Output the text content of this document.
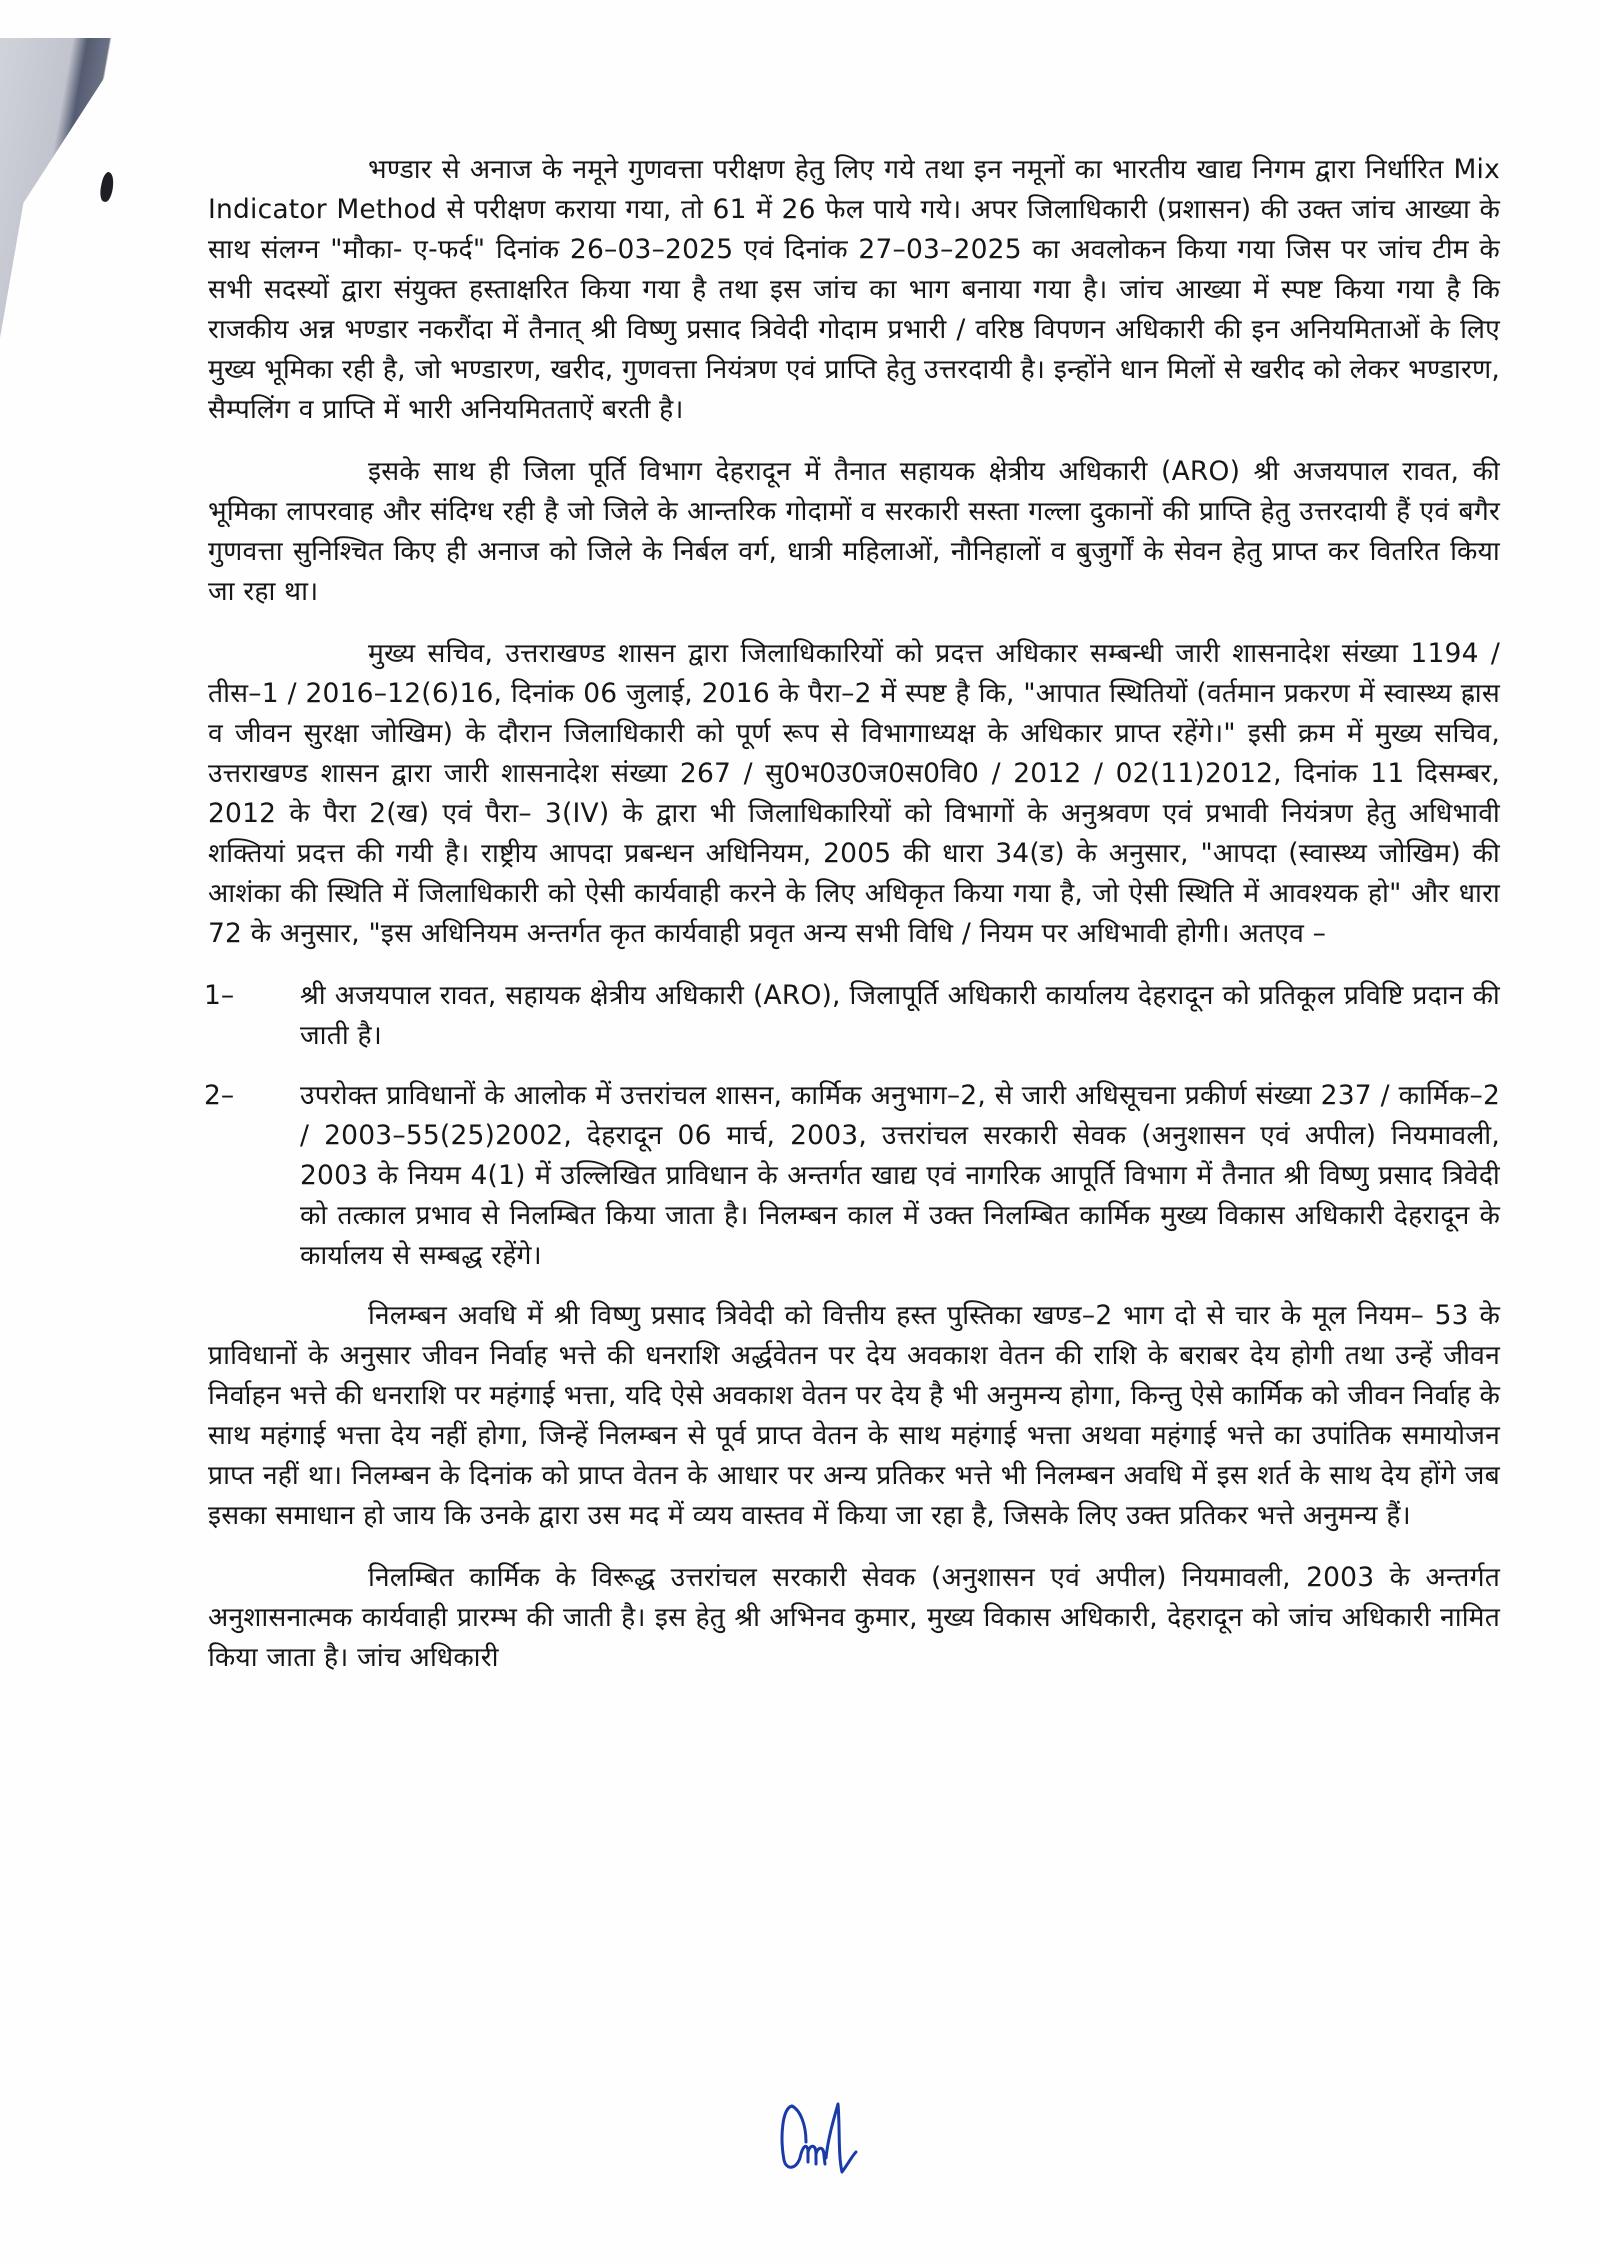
भण्डार से अनाज के नमूने गुणवत्ता परीक्षण हेतु लिए गये तथा इन नमूनों का भारतीय खाद्य निगम द्वारा निर्धारित Mix Indicator Method से परीक्षण कराया गया, तो 61 में 26 फेल पाये गये। अपर जिलाधिकारी (प्रशासन) की उक्त जांच आख्या के साथ संलग्न "मौका- ए-फर्द" दिनांक 26–03–2025 एवं दिनांक 27–03–2025 का अवलोकन किया गया जिस पर जांच टीम के सभी सदस्यों द्वारा संयुक्त हस्ताक्षरित किया गया है तथा इस जांच का भाग बनाया गया है। जांच आख्या में स्पष्ट किया गया है कि राजकीय अन्न भण्डार नकरौंदा में तैनात् श्री विष्णु प्रसाद त्रिवेदी गोदाम प्रभारी / वरिष्ठ विपणन अधिकारी की इन अनियमिताओं के लिए मुख्य भूमिका रही है, जो भण्डारण, खरीद, गुणवत्ता नियंत्रण एवं प्राप्ति हेतु उत्तरदायी है। इन्होंने धान मिलों से खरीद को लेकर भण्डारण, सैम्पलिंग व प्राप्ति में भारी अनियमितताऐं बरती है।

इसके साथ ही जिला पूर्ति विभाग देहरादून में तैनात सहायक क्षेत्रीय अधिकारी (ARO) श्री अजयपाल रावत, की भूमिका लापरवाह और संदिग्ध रही है जो जिले के आन्तरिक गोदामों व सरकारी सस्ता गल्ला दुकानों की प्राप्ति हेतु उत्तरदायी हैं एवं बगैर गुणवत्ता सुनिश्चित किए ही अनाज को जिले के निर्बल वर्ग, धात्री महिलाओं, नौनिहालों व बुजुर्गों के सेवन हेतु प्राप्त कर वितरित किया जा रहा था।

मुख्य सचिव, उत्तराखण्ड शासन द्वारा जिलाधिकारियों को प्रदत्त अधिकार सम्बन्धी जारी शासनादेश संख्या 1194 / तीस–1 / 2016–12(6)16, दिनांक 06 जुलाई, 2016 के पैरा–2 में स्पष्ट है कि, "आपात स्थितियों (वर्तमान प्रकरण में स्वास्थ्य ह्रास व जीवन सुरक्षा जोखिम) के दौरान जिलाधिकारी को पूर्ण रूप से विभागाध्यक्ष के अधिकार प्राप्त रहेंगे।" इसी क्रम में मुख्य सचिव, उत्तराखण्ड शासन द्वारा जारी शासनादेश संख्या 267 / सु0भ0उ0ज0स0वि0 / 2012 / 02(11)2012, दिनांक 11 दिसम्बर, 2012 के पैरा 2(ख) एवं पैरा– 3(IV) के द्वारा भी जिलाधिकारियों को विभागों के अनुश्रवण एवं प्रभावी नियंत्रण हेतु अधिभावी शक्तियां प्रदत्त की गयी है। राष्ट्रीय आपदा प्रबन्धन अधिनियम, 2005 की धारा 34(ड) के अनुसार, "आपदा (स्वास्थ्य जोखिम) की आशंका की स्थिति में जिलाधिकारी को ऐसी कार्यवाही करने के लिए अधिकृत किया गया है, जो ऐसी स्थिति में आवश्यक हो" और धारा 72 के अनुसार, "इस अधिनियम अन्तर्गत कृत कार्यवाही प्रवृत अन्य सभी विधि / नियम पर अधिभावी होगी। अतएव –

1–	श्री अजयपाल रावत, सहायक क्षेत्रीय अधिकारी (ARO), जिलापूर्ति अधिकारी कार्यालय देहरादून को प्रतिकूल प्रविष्टि प्रदान की जाती है।

2–	उपरोक्त प्राविधानों के आलोक में उत्तरांचल शासन, कार्मिक अनुभाग–2, से जारी अधिसूचना प्रकीर्ण संख्या 237 / कार्मिक–2 / 2003–55(25)2002, देहरादून 06 मार्च, 2003, उत्तरांचल सरकारी सेवक (अनुशासन एवं अपील) नियमावली, 2003 के नियम 4(1) में उल्लिखित प्राविधान के अन्तर्गत खाद्य एवं नागरिक आपूर्ति विभाग में तैनात श्री विष्णु प्रसाद त्रिवेदी को तत्काल प्रभाव से निलम्बित किया जाता है। निलम्बन काल में उक्त निलम्बित कार्मिक मुख्य विकास अधिकारी देहरादून के कार्यालय से सम्बद्ध रहेंगे।

निलम्बन अवधि में श्री विष्णु प्रसाद त्रिवेदी को वित्तीय हस्त पुस्तिका खण्ड–2 भाग दो से चार के मूल नियम– 53 के प्राविधानों के अनुसार जीवन निर्वाह भत्ते की धनराशि अर्द्धवेतन पर देय अवकाश वेतन की राशि के बराबर देय होगी तथा उन्हें जीवन निर्वाहन भत्ते की धनराशि पर महंगाई भत्ता, यदि ऐसे अवकाश वेतन पर देय है भी अनुमन्य होगा, किन्तु ऐसे कार्मिक को जीवन निर्वाह के साथ महंगाई भत्ता देय नहीं होगा, जिन्हें निलम्बन से पूर्व प्राप्त वेतन के साथ महंगाई भत्ता अथवा महंगाई भत्ते का उपांतिक समायोजन प्राप्त नहीं था। निलम्बन के दिनांक को प्राप्त वेतन के आधार पर अन्य प्रतिकर भत्ते भी निलम्बन अवधि में इस शर्त के साथ देय होंगे जब इसका समाधान हो जाय कि उनके द्वारा उस मद में व्यय वास्तव में किया जा रहा है, जिसके लिए उक्त प्रतिकर भत्ते अनुमन्य हैं।

निलम्बित कार्मिक के विरूद्ध उत्तरांचल सरकारी सेवक (अनुशासन एवं अपील) नियमावली, 2003 के अन्तर्गत अनुशासनात्मक कार्यवाही प्रारम्भ की जाती है। इस हेतु श्री अभिनव कुमार, मुख्य विकास अधिकारी, देहरादून को जांच अधिकारी नामित किया जाता है। जांच अधिकारी
